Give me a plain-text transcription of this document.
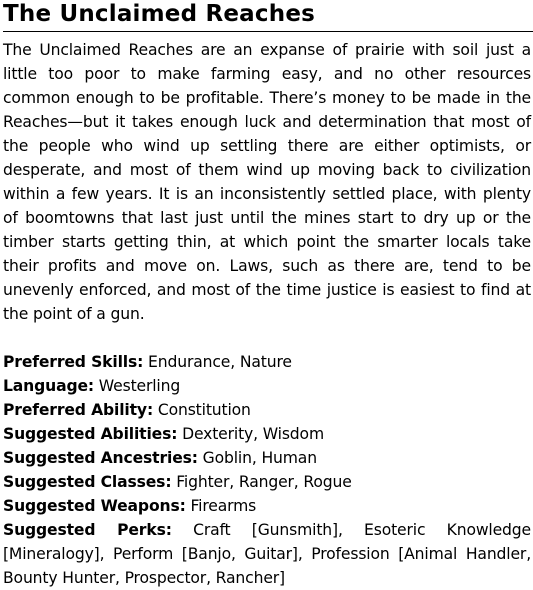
The Unclaimed Reaches

The Unclaimed Reaches are an expanse of prairie with soil just a little too poor to make farming easy, and no other resources common enough to be profitable. There’s money to be made in the Reaches—but it takes enough luck and determination that most of the people who wind up settling there are either optimists, or desperate, and most of them wind up moving back to civilization within a few years. It is an inconsistently settled place, with plenty of boomtowns that last just until the mines start to dry up or the timber starts getting thin, at which point the smarter locals take their profits and move on. Laws, such as there are, tend to be unevenly enforced, and most of the time justice is easiest to find at the point of a gun.

Preferred Skills: Endurance, Nature

Language: Westerling

Preferred Ability: Constitution

Suggested Abilities: Dexterity, Wisdom

Suggested Ancestries: Goblin, Human

Suggested Classes: Fighter, Ranger, Rogue

Suggested Weapons: Firearms

Suggested Perks: Craft [Gunsmith], Esoteric Knowledge [Mineralogy], Perform [Banjo, Guitar], Profession [Animal Handler, Bounty Hunter, Prospector, Rancher]
